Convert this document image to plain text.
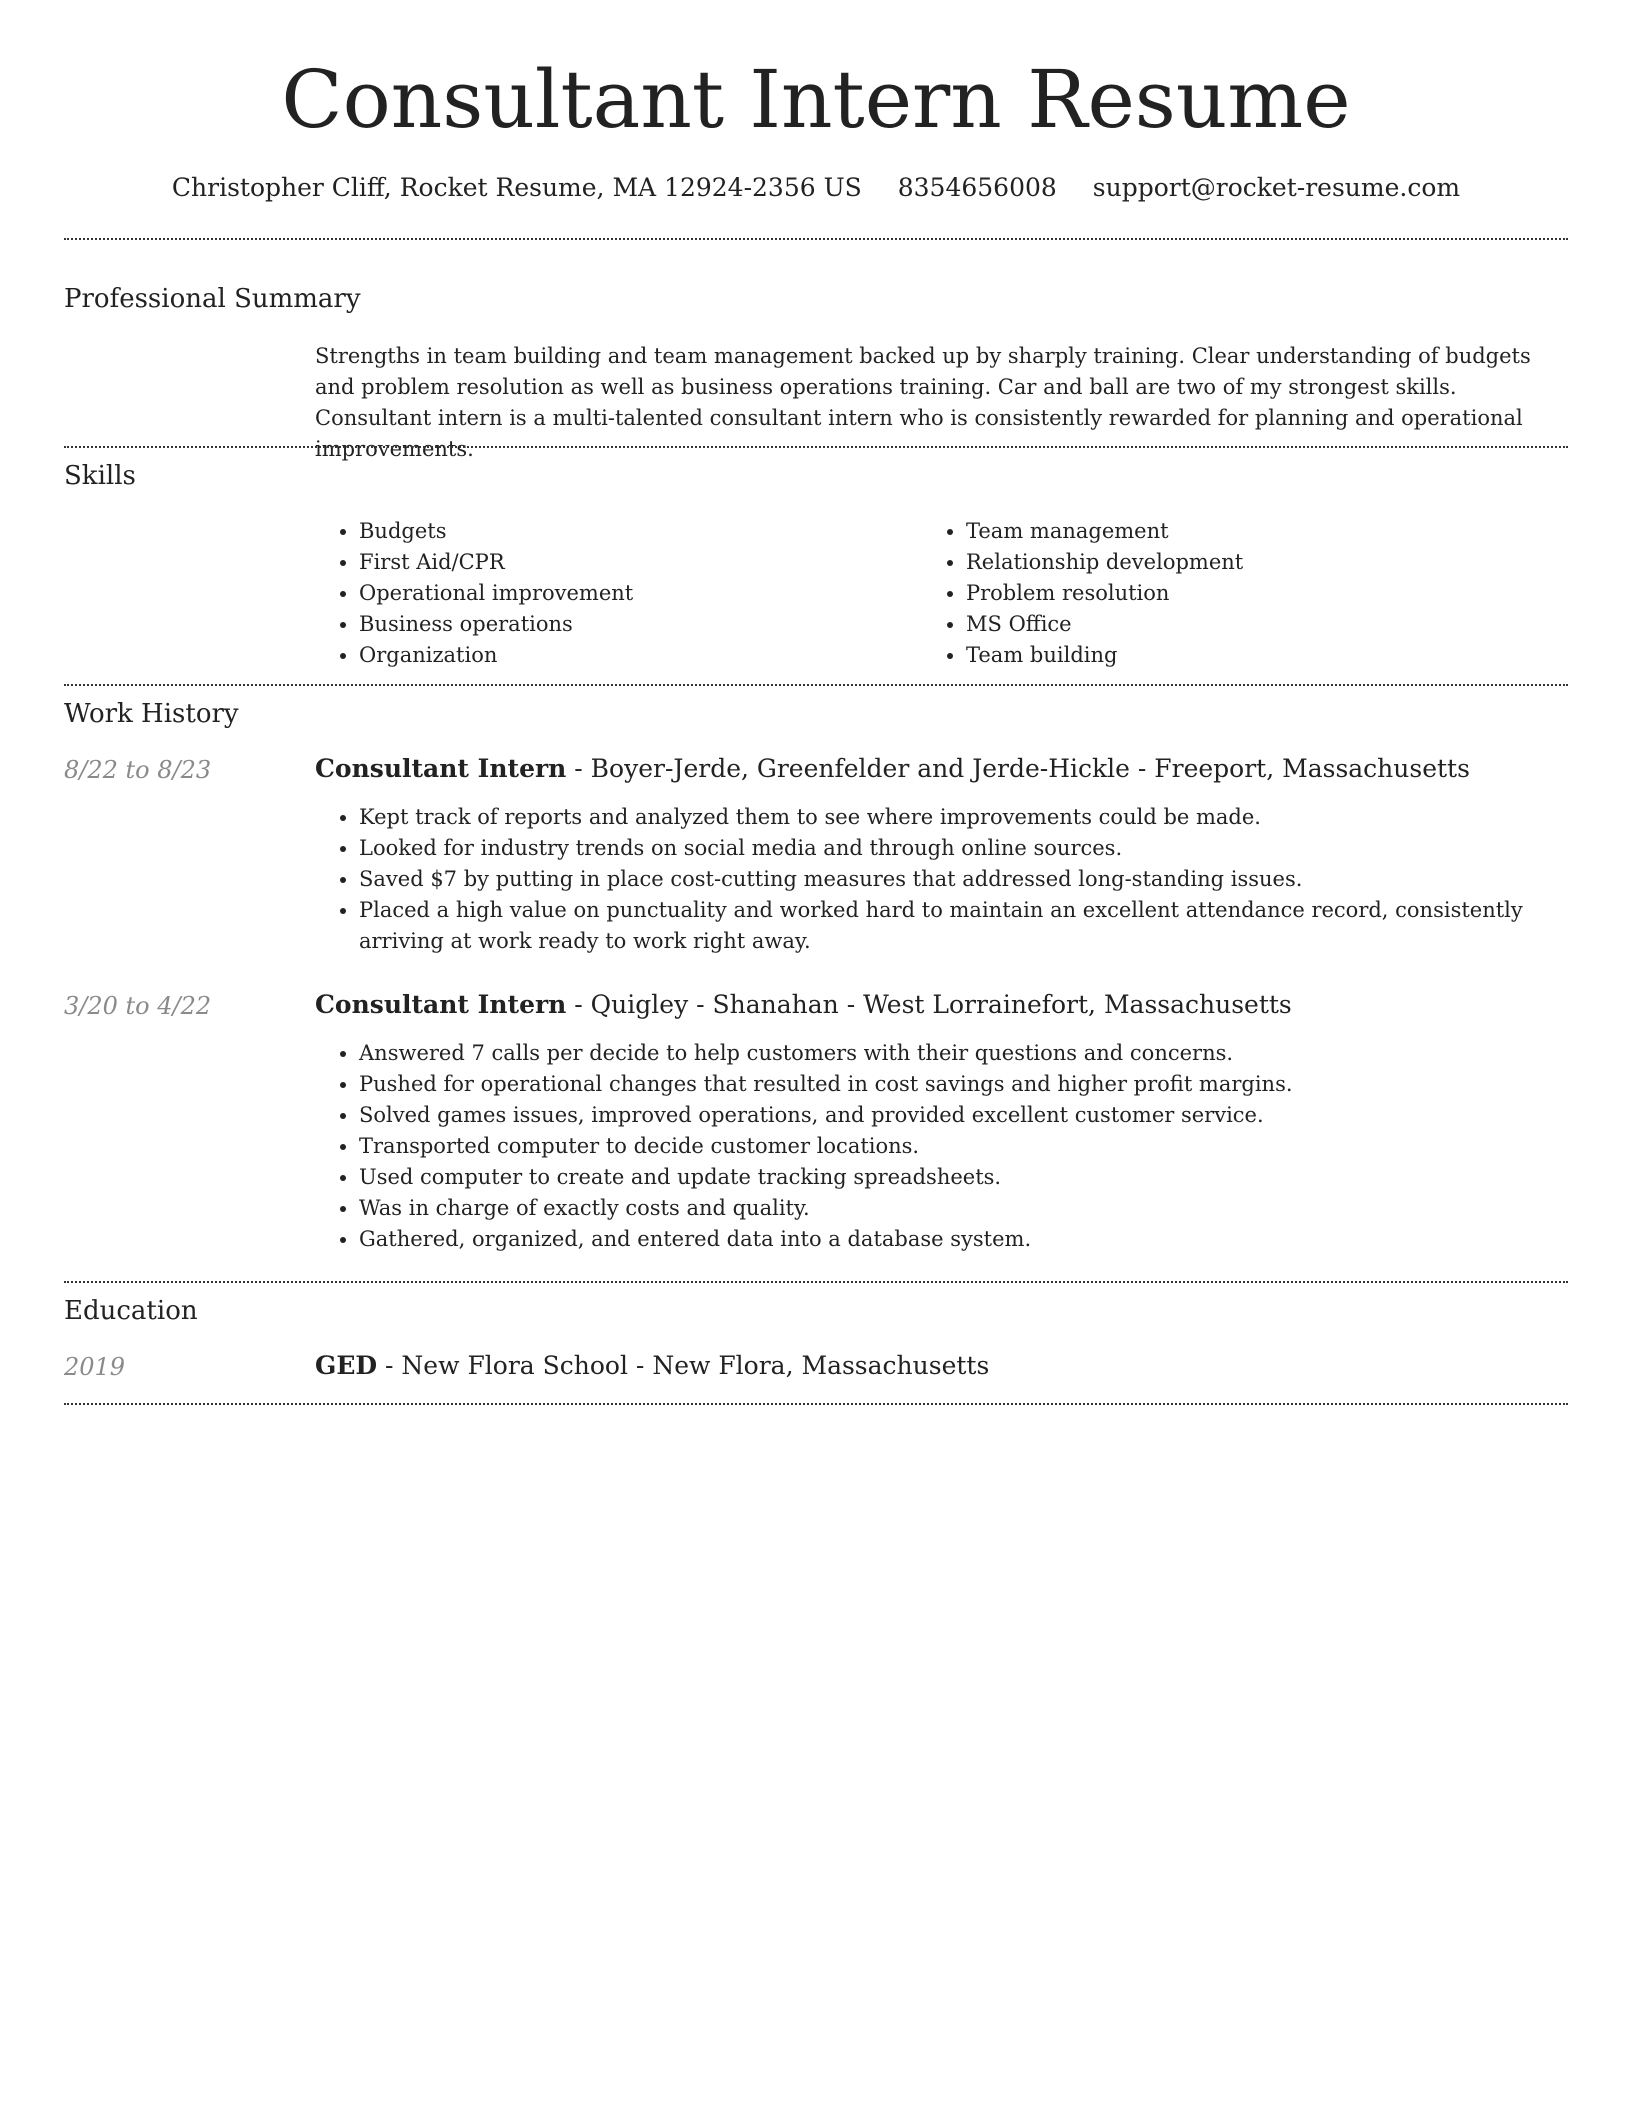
Consultant Intern Resume
Christopher Cliff, Rocket Resume, MA 12924-2356 US 8354656008 support@rocket-resume.com
Professional Summary
Strengths in team building and team management backed up by sharply training. Clear understanding of budgets and problem resolution as well as business operations training. Car and ball are two of my strongest skills. Consultant intern is a multi-talented consultant intern who is consistently rewarded for planning and operational improvements.
Skills
• Budgets
• First Aid/CPR
• Operational improvement
• Business operations
• Organization
• Team management
• Relationship development
• Problem resolution
• MS Office
• Team building
Work History
8/22 to 8/23	Consultant Intern - Boyer-Jerde, Greenfelder and Jerde-Hickle - Freeport, Massachusetts
• Kept track of reports and analyzed them to see where improvements could be made.
• Looked for industry trends on social media and through online sources.
• Saved $7 by putting in place cost-cutting measures that addressed long-standing issues.
• Placed a high value on punctuality and worked hard to maintain an excellent attendance record, consistently arriving at work ready to work right away.
3/20 to 4/22	Consultant Intern - Quigley - Shanahan - West Lorrainefort, Massachusetts
• Answered 7 calls per decide to help customers with their questions and concerns.
• Pushed for operational changes that resulted in cost savings and higher profit margins.
• Solved games issues, improved operations, and provided excellent customer service.
• Transported computer to decide customer locations.
• Used computer to create and update tracking spreadsheets.
• Was in charge of exactly costs and quality.
• Gathered, organized, and entered data into a database system.
Education
2019	GED - New Flora School - New Flora, Massachusetts
